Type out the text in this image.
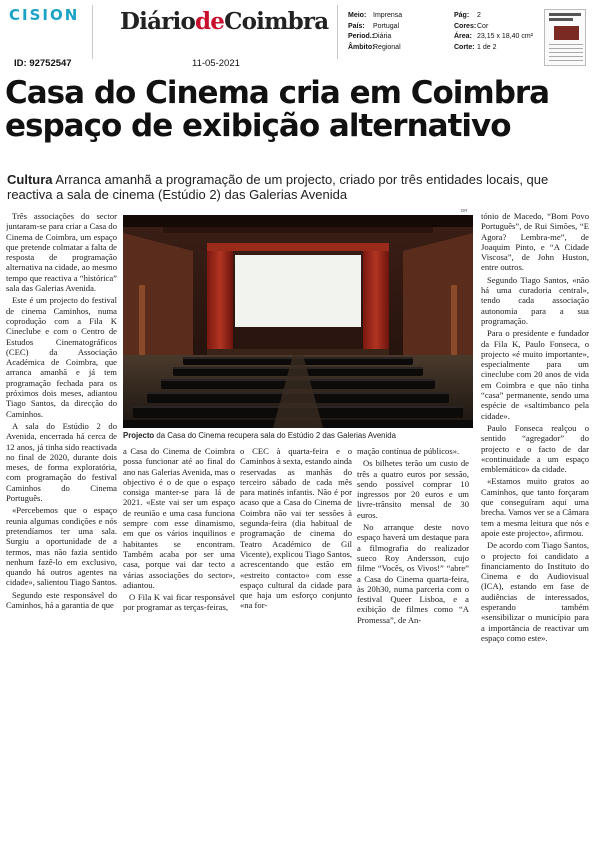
CISION DiáriodeCoimbra
ID: 92752547	11-05-2021
Meio: Imprensa
País:	Portugal
Period.:
Diária
Âmbito:
Regional
Pág:	2
Cores: Cor
Área: 23,15 x 18,40 cm²
Corte: 1 de 2
Casa do Cinema cria em Coimbra espaço de exibição alternativo
Cultura Arranca amanhã a programação de um projecto, criado por três entidades locais, que reactiva a sala de cinema (Estúdio 2) das Galerias Avenida

Três associações do sector juntaram-se para criar a Casa do Cinema de Coimbra, um espaço que pretende colmatar a falta de resposta de programação alternativa na cidade, ao mesmo tempo que reactiva a “histórica” sala das Galerias Avenida.

Este é um projecto do festival de cinema Caminhos, numa coprodução com a Fila K Cineclube e com o Centro de Estudos Cinematográficos (CEC) da Associação Académica de Coimbra, que arranca amanhã e já tem programação fechada para os próximos dois meses, adiantou Tiago Santos, da direcção do Caminhos.

A sala do Estúdio 2 do Avenida, encerrada há cerca de 12 anos, já tinha sido reactivada no final de 2020, durante dois meses, de forma exploratória, com programação do festival Caminhos do Cinema Português.

«Percebemos que o espaço reunia algumas condições e nós pretendíamos ter uma sala. Surgiu a oportunidade de a termos, mas não fazia sentido nenhum fazê-lo em exclusivo, quando há outros agentes na cidade», salientou Tiago Santos.

Segundo este responsável do Caminhos, há a garantia de que

DR
Projecto da Casa do Cinema recupera sala do Estúdio 2 das Galerias Avenida

a Casa do Cinema de Coimbra possa funcionar até ao final do ano nas Galerias Avenida, mas o objectivo é o de que o espaço consiga manter-se para lá de 2021. «Este vai ser um espaço de reunião e uma casa funciona sempre com esse dinamismo, em que os vários inquilinos e habitantes se encontram. Também acaba por ser uma casa, porque vai dar tecto a várias associações do sector», adiantou.

O Fila K vai ficar responsável por programar as terças-feiras,

o CEC à quarta-feira e o Caminhos à sexta, estando ainda reservadas as manhãs do terceiro sábado de cada mês para matinés infantis. Não é por acaso que a Casa do Cinema de Coimbra não vai ter sessões à segunda-feira (dia habitual de programação de cinema do Teatro Académico de Gil Vicente), explicou Tiago Santos, acrescentando que estão em «estreito contacto» com esse espaço cultural da cidade para que haja um esforço conjunto «na for-

mação contínua de públicos».

Os bilhetes terão um custo de três a quatro euros por sessão, sendo possível comprar 10 ingressos por 20 euros e um livre-trânsito mensal de 30 euros.

No arranque deste novo espaço haverá um destaque para a filmografia do realizador sueco Roy Andersson, cujo filme “Vocês, os Vivos!” “abre” a Casa do Cinema quarta-feira, às 20h30, numa parceria com o festival Queer Lisboa, e a exibição de filmes como “A Promessa”, de An-

tónio de Macedo, “Bom Povo Português”, de Rui Simões, “E Agora? Lembra-me”, de Joaquim Pinto, e “A Cidade Viscosa”, de John Huston, entre outros.

Segundo Tiago Santos, «não há uma curadoria central», tendo cada associação autonomia para a sua programação.

Para o presidente e fundador da Fila K, Paulo Fonseca, o projecto «é muito importante», especialmente para um cineclube com 20 anos de vida em Coimbra e que não tinha “casa” permanente, sendo uma espécie de «saltimbanco pela cidade».

Paulo Fonseca realçou o sentido “agregador” do projecto e o facto de dar «continuidade a um espaço emblemático» da cidade.

«Estamos muito gratos ao Caminhos, que tanto forçaram que conseguíram aqui uma brecha. Vamos ver se a Câmara tem a mesma leitura que nós e apoie este projecto», afirmou.

De acordo com Tiago Santos, o projecto foi candidato a financiamento do Instituto do Cinema e do Audiovisual (ICA), estando em fase de audiências de interessados, esperando também «sensibilizar o município para a importância de reactivar um espaço como este».
